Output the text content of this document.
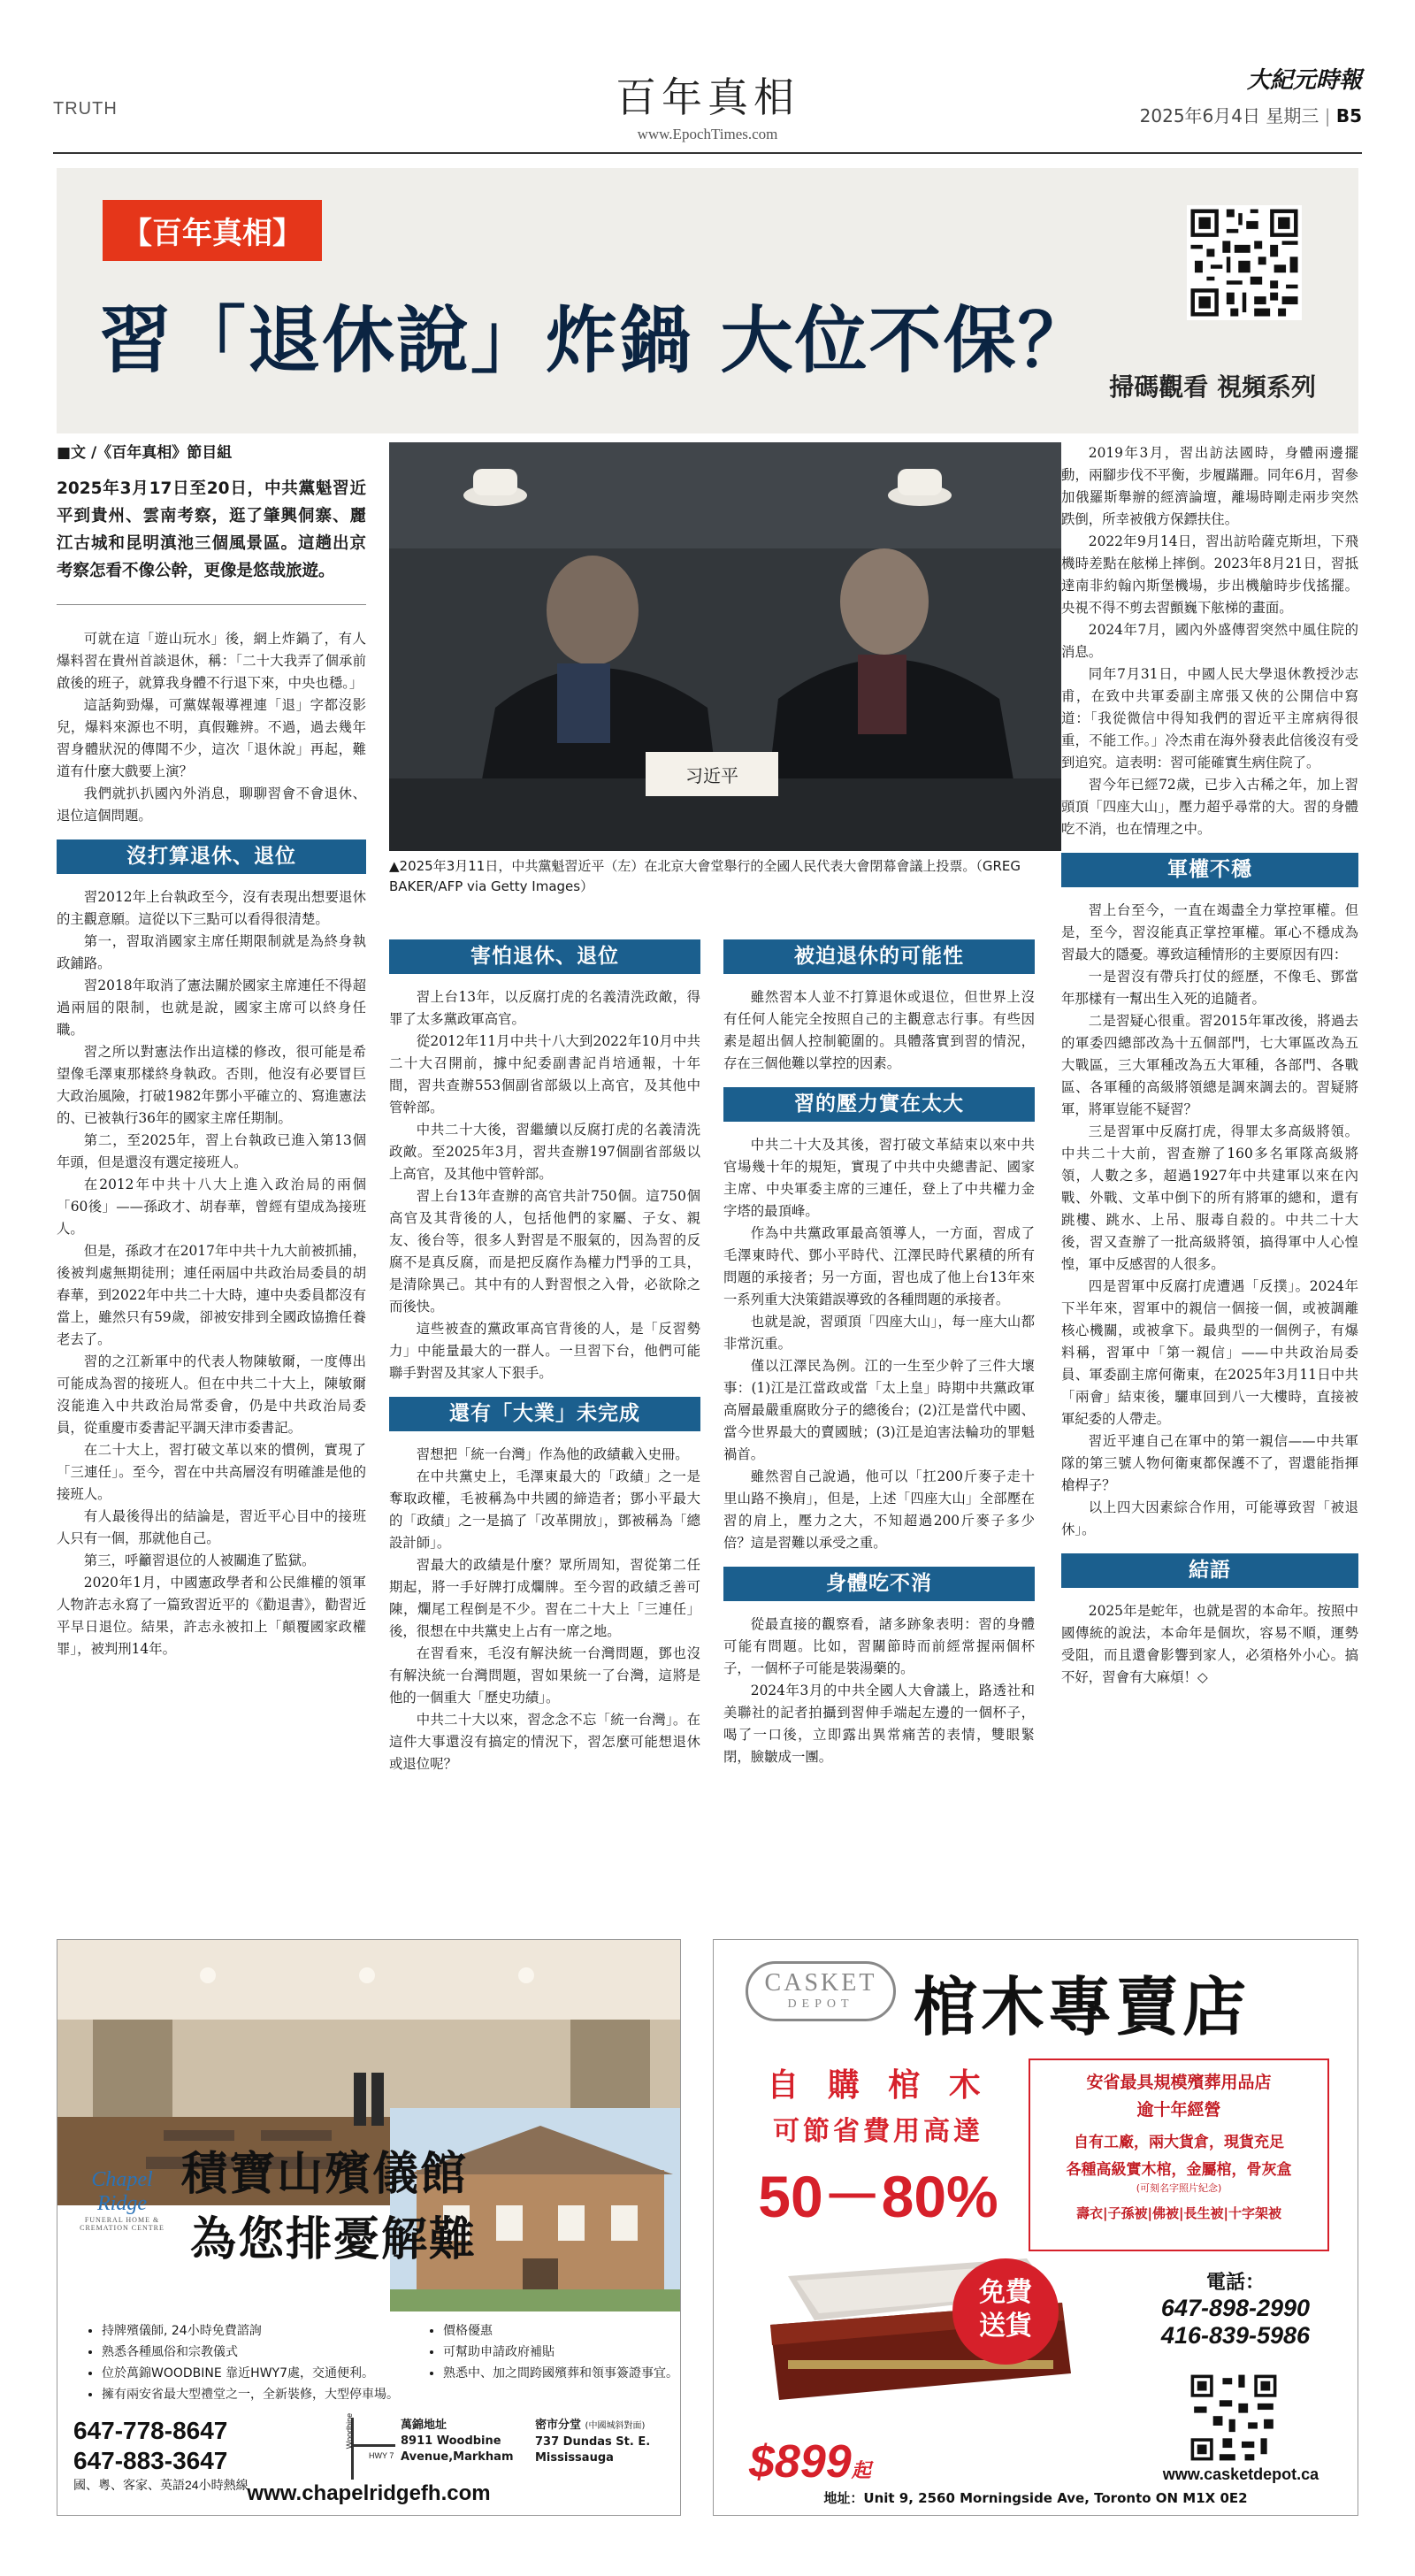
TRUTH	百年真相
www.EpochTimes.com
大紀元時報
2025年6月4日 星期三 | B5
【百年真相】
習「退休說」炸鍋 大位不保？
掃碼觀看 視頻系列
■文 /《百年真相》節目組
2025年3月17日至20日，中共黨魁習近平到貴州、雲南考察，逛了肇興侗寨、麗江古城和昆明滇池三個風景區。這趟出京考察怎看不像公幹，更像是悠哉旅遊。

可就在這「遊山玩水」後，網上炸鍋了，有人爆料習在貴州首談退休，稱：「二十大我弄了個承前啟後的班子，就算我身體不行退下來，中央也穩。」

這話夠勁爆，可黨媒報導裡連「退」字都沒影兒，爆料來源也不明，真假難辨。不過，過去幾年習身體狀況的傳聞不少，這次「退休說」再起，難道有什麼大戲要上演？

我們就扒扒國內外消息，聊聊習會不會退休、退位這個問題。

沒打算退休、退位

習2012年上台執政至今，沒有表現出想要退休的主觀意願。這從以下三點可以看得很清楚。

第一，習取消國家主席任期限制就是為終身執政鋪路。

習2018年取消了憲法關於國家主席連任不得超過兩屆的限制，也就是說，國家主席可以終身任職。

習之所以對憲法作出這樣的修改，很可能是希望像毛澤東那樣終身執政。否則，他沒有必要冒巨大政治風險，打破1982年鄧小平確立的、寫進憲法的、已被執行36年的國家主席任期制。

第二，至2025年，習上台執政已進入第13個年頭，但是還沒有選定接班人。

在2012年中共十八大上進入政治局的兩個「60後」——孫政才、胡春華，曾經有望成為接班人。

但是，孫政才在2017年中共十九大前被抓捕，後被判處無期徒刑；連任兩屆中共政治局委員的胡春華，到2022年中共二十大時，連中央委員都沒有當上，雖然只有59歲，卻被安排到全國政協擔任養老去了。

習的之江新軍中的代表人物陳敏爾，一度傳出可能成為習的接班人。但在中共二十大上，陳敏爾沒能進入中共政治局常委會，仍是中共政治局委員，從重慶市委書記平調天津市委書記。

在二十大上，習打破文革以來的慣例，實現了「三連任」。至今，習在中共高層沒有明確誰是他的接班人。

有人最後得出的結論是，習近平心目中的接班人只有一個，那就他自己。

第三，呼籲習退位的人被關進了監獄。

2020年1月，中國憲政學者和公民維權的領軍人物許志永寫了一篇致習近平的《勸退書》，勸習近平早日退位。結果，許志永被扣上「顛覆國家政權罪」，被判刑14年。

习近平
▲2025年3月11日，中共黨魁習近平（左）在北京大會堂舉行的全國人民代表大會閉幕會議上投票。（GREG BAKER/AFP via Getty Images）
害怕退休、退位

習上台13年，以反腐打虎的名義清洗政敵，得罪了太多黨政軍高官。

從2012年11月中共十八大到2022年10月中共二十大召開前，據中紀委副書記肖培通報，十年間，習共查辦553個副省部級以上高官，及其他中管幹部。

中共二十大後，習繼續以反腐打虎的名義清洗政敵。至2025年3月，習共查辦197個副省部級以上高官，及其他中管幹部。

習上台13年查辦的高官共計750個。這750個高官及其背後的人，包括他們的家屬、子女、親友、後台等，很多人對習是不服氣的，因為習的反腐不是真反腐，而是把反腐作為權力鬥爭的工具，是清除異己。其中有的人對習恨之入骨，必欲除之而後快。

這些被查的黨政軍高官背後的人，是「反習勢力」中能量最大的一群人。一旦習下台，他們可能聯手對習及其家人下狠手。

還有「大業」未完成

習想把「統一台灣」作為他的政績載入史冊。

在中共黨史上，毛澤東最大的「政績」之一是奪取政權，毛被稱為中共國的締造者；鄧小平最大的「政績」之一是搞了「改革開放」，鄧被稱為「總設計師」。

習最大的政績是什麼？眾所周知，習從第二任期起，將一手好牌打成爛牌。至今習的政績乏善可陳，爛尾工程倒是不少。習在二十大上「三連任」後，很想在中共黨史上占有一席之地。

在習看來，毛沒有解決統一台灣問題，鄧也沒有解決統一台灣問題，習如果統一了台灣，這將是他的一個重大「歷史功績」。

中共二十大以來，習念念不忘「統一台灣」。在這件大事還沒有搞定的情況下，習怎麼可能想退休或退位呢？

被迫退休的可能性

雖然習本人並不打算退休或退位，但世界上沒有任何人能完全按照自己的主觀意志行事。有些因素是超出個人控制範圍的。具體落實到習的情況，存在三個他難以掌控的因素。

習的壓力實在太大

中共二十大及其後，習打破文革結束以來中共官場幾十年的規矩，實現了中共中央總書記、國家主席、中央軍委主席的三連任，登上了中共權力金字塔的最頂峰。

作為中共黨政軍最高領導人，一方面，習成了毛澤東時代、鄧小平時代、江澤民時代累積的所有問題的承接者；另一方面，習也成了他上台13年來一系列重大決策錯誤導致的各種問題的承接者。

也就是說，習頭頂「四座大山」，每一座大山都非常沉重。

僅以江澤民為例。江的一生至少幹了三件大壞事：(1)江是江當政或當「太上皇」時期中共黨政軍高層最嚴重腐敗分子的總後台；(2)江是當代中國、當今世界最大的賣國賊；(3)江是迫害法輪功的罪魁禍首。

雖然習自己說過，他可以「扛200斤麥子走十里山路不換肩」，但是，上述「四座大山」全部壓在習的肩上，壓力之大，不知超過200斤麥子多少倍？這是習難以承受之重。

身體吃不消

從最直接的觀察看，諸多跡象表明：習的身體可能有問題。比如，習關節時而前經常握兩個杯子，一個杯子可能是裝湯藥的。

2024年3月的中共全國人大會議上，路透社和美聯社的記者拍攝到習伸手端起左邊的一個杯子，喝了一口後，立即露出異常痛苦的表情，雙眼緊閉，臉皺成一團。

2019年3月，習出訪法國時，身體兩邊擺動，兩腳步伐不平衡，步履蹣跚。同年6月，習參加俄羅斯舉辦的經濟論壇，離場時剛走兩步突然跌倒，所幸被俄方保鏢扶住。

2022年9月14日，習出訪哈薩克斯坦，下飛機時差點在舷梯上摔倒。2023年8月21日，習抵達南非約翰內斯堡機場，步出機艙時步伐搖擺。央視不得不剪去習顫巍下舷梯的畫面。

2024年7月，國內外盛傳習突然中風住院的消息。

同年7月31日，中國人民大學退休教授沙志甫，在致中共軍委副主席張又俠的公開信中寫道：「我從微信中得知我們的習近平主席病得很重，不能工作。」冷杰甫在海外發表此信後沒有受到追究。這表明：習可能確實生病住院了。

習今年已經72歲，已步入古稀之年，加上習頭頂「四座大山」，壓力超乎尋常的大。習的身體吃不消，也在情理之中。

軍權不穩

習上台至今，一直在竭盡全力掌控軍權。但是，至今，習沒能真正掌控軍權。軍心不穩成為習最大的隱憂。導致這種情形的主要原因有四：

一是習沒有帶兵打仗的經歷，不像毛、鄧當年那樣有一幫出生入死的追隨者。

二是習疑心很重。習2015年軍改後，將過去的軍委四總部改為十五個部門，七大軍區改為五大戰區，三大軍種改為五大軍種，各部門、各戰區、各軍種的高級將領總是調來調去的。習疑將軍，將軍豈能不疑習？

三是習軍中反腐打虎，得罪太多高級將領。中共二十大前，習查辦了160多名軍隊高級將領，人數之多，超過1927年中共建軍以來在內戰、外戰、文革中倒下的所有將軍的總和，還有跳樓、跳水、上吊、服毒自殺的。中共二十大後，習又查辦了一批高級將領，搞得軍中人心惶惶，軍中反感習的人很多。

四是習軍中反腐打虎遭遇「反撲」。2024年下半年來，習軍中的親信一個接一個，或被調離核心機關，或被拿下。最典型的一個例子，有爆料稱，習軍中「第一親信」——中共政治局委員、軍委副主席何衛東，在2025年3月11日中共「兩會」結束後，驪車回到八一大樓時，直接被軍紀委的人帶走。

習近平連自己在軍中的第一親信——中共軍隊的第三號人物何衛東都保護不了，習還能指揮槍桿子？

以上四大因素綜合作用，可能導致習「被退休」。

結語

2025年是蛇年，也就是習的本命年。按照中國傳統的說法，本命年是個坎，容易不順，運勢受阻，而且還會影響到家人，必須格外小心。搞不好，習會有大麻煩！◇

Chapel Ridge
FUNERAL HOME & CREMATION CENTRE
積寶山殯儀館
為您排憂解難
• 持牌殯儀師, 24小時免費諮詢
• 熟悉各種風俗和宗教儀式
• 位於萬錦WOODBINE 靠近HWY7處，交通便利。
• 擁有兩安省最大型禮堂之一，全新裝修，大型停車場。
• 價格優惠
• 可幫助申請政府補貼
• 熟悉中、加之間跨國殯葬和領事簽證事宜。
647-778-8647
647-883-3647
國、粵、客家、英語24小時熱線
Woodbine
HWY 7
萬錦地址
8911 Woodbine Avenue,Markham
密市分堂 (中國城斜對面)
737 Dundas St. E. Mississauga
www.chapelridgefh.com
CASKET
DEPOT 棺木專賣店
自 購 棺 木
可節省費用高達
50－80%
安省最具規模殯葬用品店
逾十年經營
自有工廠，兩大貨倉，現貨充足
各種高級實木棺，金屬棺，骨灰盒
(可刻名字照片紀念)
壽衣|子孫被|佛被|長生被|十字架被
$899起
免費
送貨
電話：
647-898-2990
416-839-5986
www.casketdepot.ca
地址：Unit 9, 2560 Morningside Ave, Toronto ON M1X 0E2
